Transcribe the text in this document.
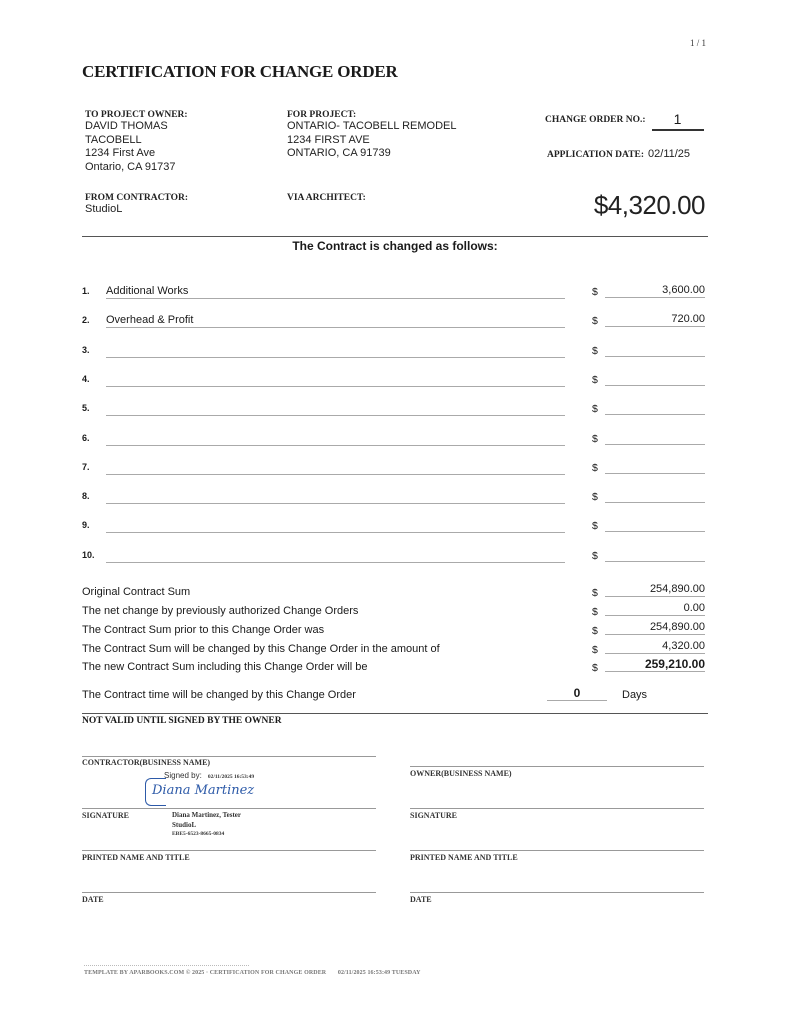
1 / 1
CERTIFICATION FOR CHANGE ORDER
TO PROJECT OWNER:
DAVID THOMAS
TACOBELL
1234 First Ave
Ontario, CA 91737
FOR PROJECT:
ONTARIO- TACOBELL REMODEL
1234 FIRST AVE
ONTARIO, CA 91739
CHANGE ORDER NO.:	1
APPLICATION DATE: 02/11/25
FROM CONTRACTOR:
StudioL
VIA ARCHITECT:	$4,320.00
The Contract is changed as follows:
1. Additional Works	$	3,600.00
2. Overhead & Profit	$	720.00
3.	$
4.	$
5.	$
6.	$
7.	$
8.	$
9.	$
10.	$
Original Contract Sum	$	254,890.00
The net change by previously authorized Change Orders	$	0.00
The Contract Sum prior to this Change Order was	$	254,890.00
The Contract Sum will be changed by this Change Order in the amount of	$	4,320.00
The new Contract Sum including this Change Order will be	$	259,210.00
The Contract time will be changed by this Change Order	0	Days
NOT VALID UNTIL SIGNED BY THE OWNER
CONTRACTOR(BUSINESS NAME)
Signed by: 02/11/2025 16:53:49
Diana Martinez
SIGNATURE	Diana Martinez, Tester
StudioL
EBE5-6523-8665-0834
PRINTED NAME AND TITLE
DATE
OWNER(BUSINESS NAME)
SIGNATURE
PRINTED NAME AND TITLE
DATE
TEMPLATE BY APARBOOKS.COM © 2025 · CERTIFICATION FOR CHANGE ORDER 02/11/2025 16:53:49 TUESDAY
